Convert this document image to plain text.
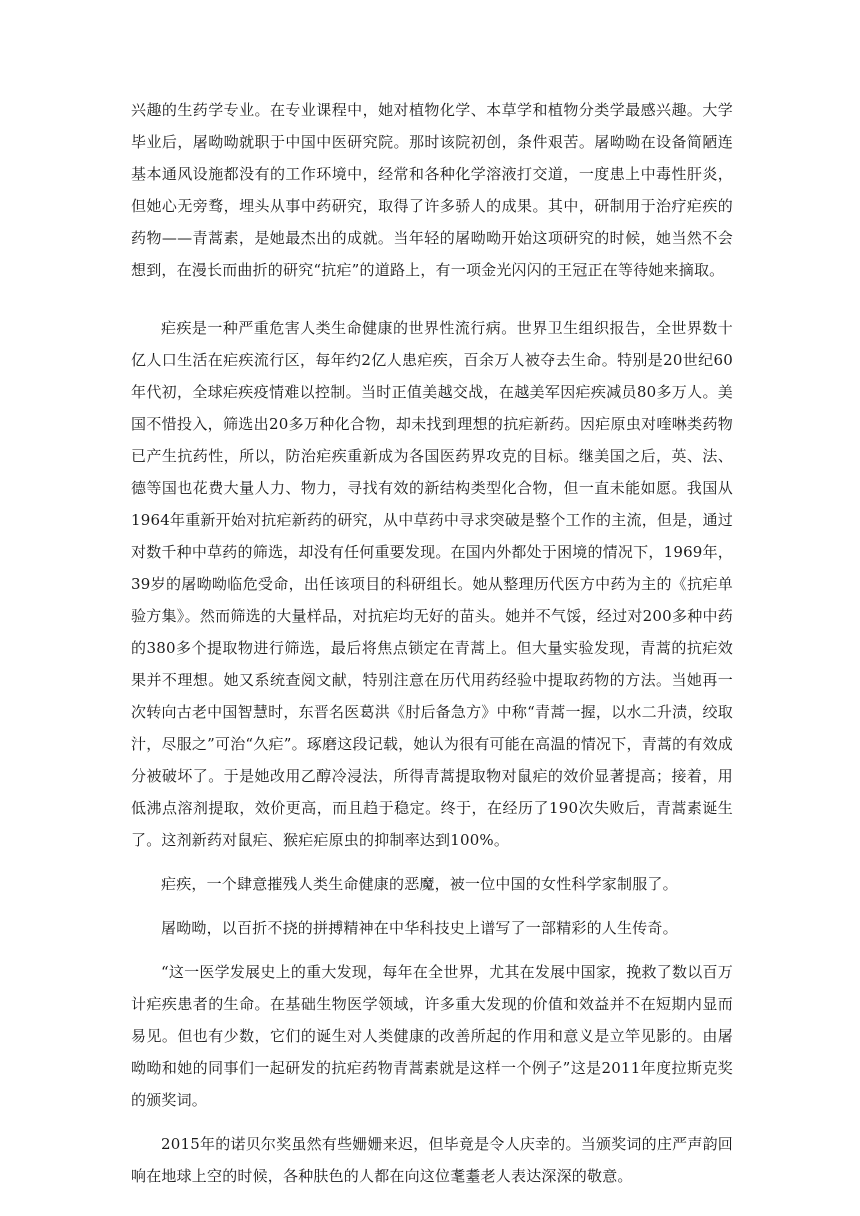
兴趣的生药学专业。在专业课程中，她对植物化学、本草学和植物分类学最感兴趣。大学毕业后，屠呦呦就职于中国中医研究院。那时该院初创，条件艰苦。屠呦呦在设备简陋连基本通风设施都没有的工作环境中，经常和各种化学溶液打交道，一度患上中毒性肝炎，但她心无旁骛，埋头从事中药研究，取得了许多骄人的成果。其中，研制用于治疗疟疾的药物——青蒿素，是她最杰出的成就。当年轻的屠呦呦开始这项研究的时候，她当然不会想到，在漫长而曲折的研究“抗疟”的道路上，有一项金光闪闪的王冠正在等待她来摘取。

疟疾是一种严重危害人类生命健康的世界性流行病。世界卫生组织报告，全世界数十亿人口生活在疟疾流行区，每年约2亿人患疟疾，百余万人被夺去生命。特别是20世纪60年代初，全球疟疾疫情难以控制。当时正值美越交战，在越美军因疟疾减员80多万人。美国不惜投入，筛选出20多万种化合物，却未找到理想的抗疟新药。因疟原虫对喹啉类药物已产生抗药性，所以，防治疟疾重新成为各国医药界攻克的目标。继美国之后，英、法、德等国也花费大量人力、物力，寻找有效的新结构类型化合物，但一直未能如愿。我国从1964年重新开始对抗疟新药的研究，从中草药中寻求突破是整个工作的主流，但是，通过对数千种中草药的筛选，却没有任何重要发现。在国内外都处于困境的情况下，1969年，39岁的屠呦呦临危受命，出任该项目的科研组长。她从整理历代医方中药为主的《抗疟单验方集》。然而筛选的大量样品，对抗疟均无好的苗头。她并不气馁，经过对200多种中药的380多个提取物进行筛选，最后将焦点锁定在青蒿上。但大量实验发现，青蒿的抗疟效果并不理想。她又系统查阅文献，特别注意在历代用药经验中提取药物的方法。当她再一次转向古老中国智慧时，东晋名医葛洪《肘后备急方》中称“青蒿一握，以水二升渍，绞取汁，尽服之”可治“久疟”。琢磨这段记载，她认为很有可能在高温的情况下，青蒿的有效成分被破坏了。于是她改用乙醇冷浸法，所得青蒿提取物对鼠疟的效价显著提高；接着，用低沸点溶剂提取，效价更高，而且趋于稳定。终于，在经历了190次失败后，青蒿素诞生了。这剂新药对鼠疟、猴疟疟原虫的抑制率达到100%。

疟疾，一个肆意摧残人类生命健康的恶魔，被一位中国的女性科学家制服了。

屠呦呦，以百折不挠的拼搏精神在中华科技史上谱写了一部精彩的人生传奇。

“这一医学发展史上的重大发现，每年在全世界，尤其在发展中国家，挽救了数以百万计疟疾患者的生命。在基础生物医学领域，许多重大发现的价值和效益并不在短期内显而易见。但也有少数，它们的诞生对人类健康的改善所起的作用和意义是立竿见影的。由屠呦呦和她的同事们一起研发的抗疟药物青蒿素就是这样一个例子”这是2011年度拉斯克奖的颁奖词。

2015年的诺贝尔奖虽然有些姗姗来迟，但毕竟是令人庆幸的。当颁奖词的庄严声韵回响在地球上空的时候，各种肤色的人都在向这位耄耋老人表达深深的敬意。
